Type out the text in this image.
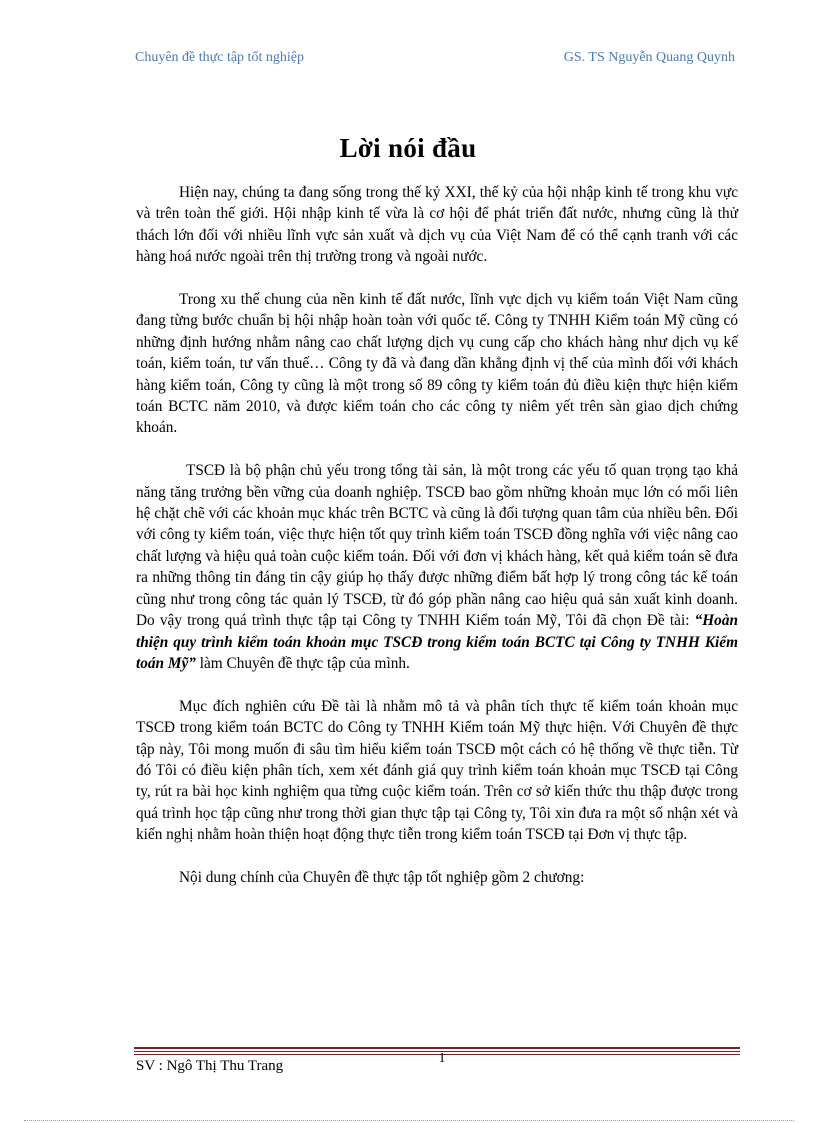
Chuyên đề thực tập tốt nghiệp	GS. TS Nguyễn Quang Quynh
Lời nói đầu

Hiện nay, chúng ta đang sống trong thế kỷ XXI, thế kỷ của hội nhập kinh tế trong khu vực và trên toàn thế giới. Hội nhập kinh tế vừa là cơ hội để phát triển đất nước, nhưng cũng là thử thách lớn đối với nhiều lĩnh vực sản xuất và dịch vụ của Việt Nam để có thể cạnh tranh với các hàng hoá nước ngoài trên thị trường trong và ngoài nước.

Trong xu thế chung của nền kinh tế đất nước, lĩnh vực dịch vụ kiểm toán Việt Nam cũng đang từng bước chuẩn bị hội nhập hoàn toàn với quốc tế. Công ty TNHH Kiểm toán Mỹ cũng có những định hướng nhằm nâng cao chất lượng dịch vụ cung cấp cho khách hàng như dịch vụ kế toán, kiểm toán, tư vấn thuế… Công ty đã và đang dần khẳng định vị thế của mình đối với khách hàng kiểm toán, Công ty cũng là một trong số 89 công ty kiểm toán đủ điều kiện thực hiện kiểm toán BCTC năm 2010, và được kiểm toán cho các công ty niêm yết trên sàn giao dịch chứng khoán.

TSCĐ là bộ phận chủ yếu trong tổng tài sản, là một trong các yếu tố quan trọng tạo khả năng tăng trưởng bền vững của doanh nghiệp. TSCĐ bao gồm những khoản mục lớn có mối liên hệ chặt chẽ với các khoản mục khác trên BCTC và cũng là đối tượng quan tâm của nhiều bên. Đối với công ty kiểm toán, việc thực hiện tốt quy trình kiểm toán TSCĐ đồng nghĩa với việc nâng cao chất lượng và hiệu quả toàn cuộc kiểm toán. Đối với đơn vị khách hàng, kết quả kiểm toán sẽ đưa ra những thông tin đáng tin cậy giúp họ thấy được những điểm bất hợp lý trong công tác kế toán cũng như trong công tác quản lý TSCĐ, từ đó góp phần nâng cao hiệu quả sản xuất kinh doanh. Do vậy trong quá trình thực tập tại Công ty TNHH Kiểm toán Mỹ, Tôi đã chọn Đề tài: “Hoàn thiện quy trình kiểm toán khoản mục TSCĐ trong kiểm toán BCTC tại Công ty TNHH Kiểm toán Mỹ” làm Chuyên đề thực tập của mình.

Mục đích nghiên cứu Đề tài là nhằm mô tả và phân tích thực tế kiểm toán khoản mục TSCĐ trong kiểm toán BCTC do Công ty TNHH Kiểm toán Mỹ thực hiện. Với Chuyên đề thực tập này, Tôi mong muốn đi sâu tìm hiểu kiểm toán TSCĐ một cách có hệ thống về thực tiễn. Từ đó Tôi có điều kiện phân tích, xem xét đánh giá quy trình kiểm toán khoản mục TSCĐ tại Công ty, rút ra bài học kinh nghiệm qua từng cuộc kiểm toán. Trên cơ sở kiến thức thu thập được trong quá trình học tập cũng như trong thời gian thực tập tại Công ty, Tôi xin đưa ra một số nhận xét và kiến nghị nhằm hoàn thiện hoạt động thực tiễn trong kiểm toán TSCĐ tại Đơn vị thực tập.

Nội dung chính của Chuyên đề thực tập tốt nghiệp gồm 2 chương:

1
SV : Ngô Thị Thu Trang
